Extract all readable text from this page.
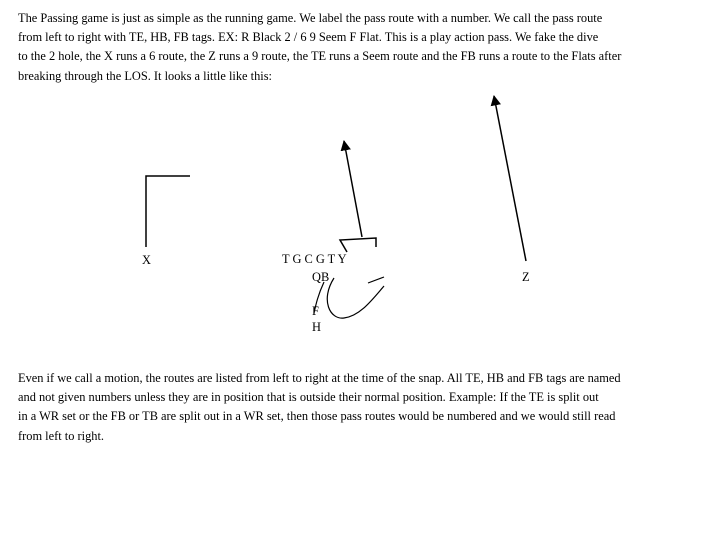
The Passing game is just as simple as the running game. We label the pass route with a number. We call the pass route
from left to right with TE, HB, FB tags. EX: R Black 2 / 6 9 Seem F Flat. This is a play action pass. We fake the dive
to the 2 hole, the X runs a 6 route, the Z runs a 9 route, the TE runs a Seem route and the FB runs a route to the Flats after
breaking through the LOS. It looks a little like this:

X	T G C G T Y
QB	Z
F
H

Even if we call a motion, the routes are listed from left to right at the time of the snap. All TE, HB and FB tags are named
and not given numbers unless they are in position that is outside their normal position. Example: If the TE is split out
in a WR set or the FB or TB are split out in a WR set, then those pass routes would be numbered and we would still read
from left to right.
